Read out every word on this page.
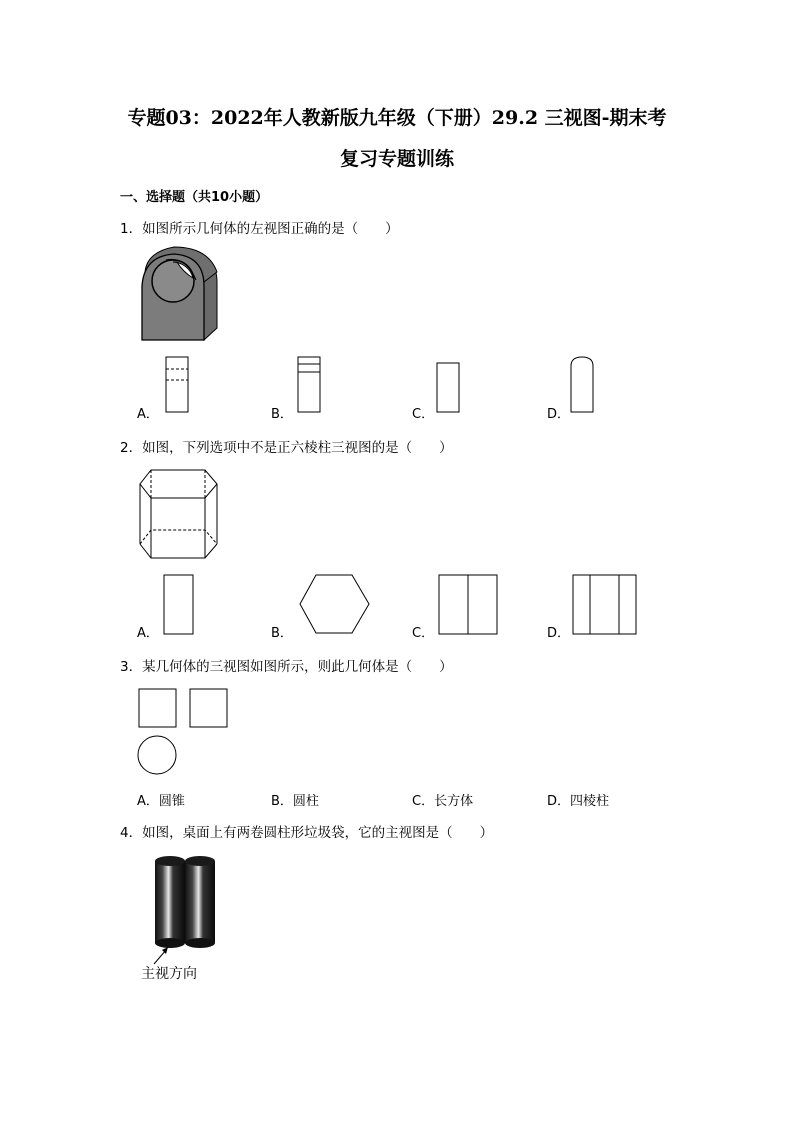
专题03：2022年人教新版九年级（下册）29.2 三视图-期末考
复习专题训练
一、选择题（共10小题）
1．如图所示几何体的左视图正确的是（　　）
A．	B．	C．	D．
2．如图，下列选项中不是正六棱柱三视图的是（　　）
A．	B．	C．	D．
3．某几何体的三视图如图所示，则此几何体是（　　）
A．圆锥	B．圆柱	C．长方体	D．四棱柱
4．如图，桌面上有两卷圆柱形垃圾袋，它的主视图是（　　）
主视方向
